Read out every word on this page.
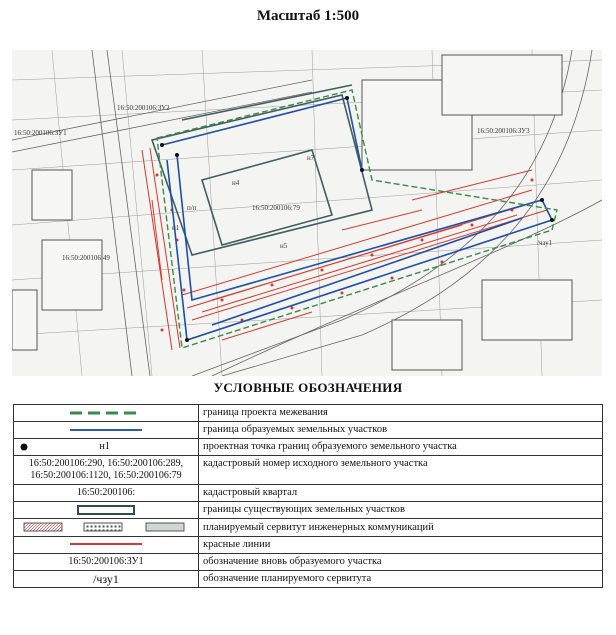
Масштаб 1:500
16:50:200106:ЗУ2
16:50:200106:ЗУ1	16:50:200106:ЗУ3
16:50:200106:79
16:50:200106:49
н7
н4
н1
н5	/чзу1
п/п
УСЛОВНЫЕ ОБОЗНАЧЕНИЯ
	граница проекта межевания
	граница образуемых земельных участков
н1	проектная точка границ образуемого земельного участка
16:50:200106:290, 16:50:200106:289, 16:50:200106:1120, 16:50:200106:79	кадастровый номер исходного земельного участка
16:50:200106:	кадастровый квартал
	границы существующих земельных участков
	планируемый сервитут инженерных коммуникаций
	красные линии
16:50:200106:ЗУ1	обозначение вновь образуемого участка
/чзу1	обозначение планируемого сервитута
